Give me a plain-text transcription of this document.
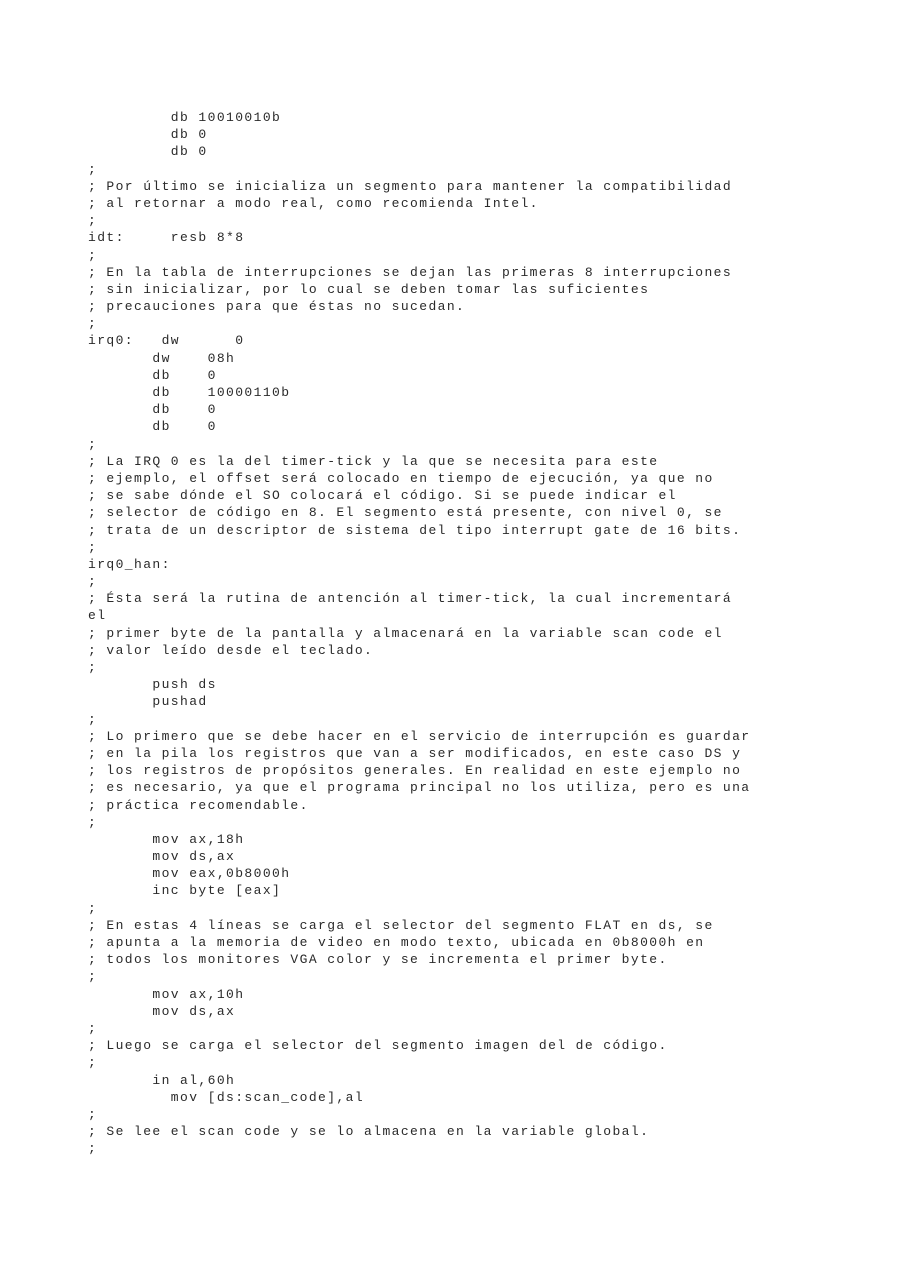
db 10010010b
db 0
db 0
;
; Por último se inicializa un segmento para mantener la compatibilidad
; al retornar a modo real, como recomienda Intel.
;
idt:     resb 8*8
;
; En la tabla de interrupciones se dejan las primeras 8 interrupciones
; sin inicializar, por lo cual se deben tomar las suficientes
; precauciones para que éstas no sucedan.
;
irq0:   dw      0
dw    08h
db    0
db    10000110b
db    0
db    0
;
; La IRQ 0 es la del timer-tick y la que se necesita para este
; ejemplo, el offset será colocado en tiempo de ejecución, ya que no
; se sabe dónde el SO colocará el código. Si se puede indicar el
; selector de código en 8. El segmento está presente, con nivel 0, se
; trata de un descriptor de sistema del tipo interrupt gate de 16 bits.
;
irq0_han:
;
; Ésta será la rutina de antención al timer-tick, la cual incrementará
el
; primer byte de la pantalla y almacenará en la variable scan code el
; valor leído desde el teclado.
;
push ds
pushad
;
; Lo primero que se debe hacer en el servicio de interrupción es guardar
; en la pila los registros que van a ser modificados, en este caso DS y
; los registros de propósitos generales. En realidad en este ejemplo no
; es necesario, ya que el programa principal no los utiliza, pero es una
; práctica recomendable.
;
mov ax,18h
mov ds,ax
mov eax,0b8000h
inc byte [eax]
;
; En estas 4 líneas se carga el selector del segmento FLAT en ds, se
; apunta a la memoria de video en modo texto, ubicada en 0b8000h en
; todos los monitores VGA color y se incrementa el primer byte.
;
mov ax,10h
mov ds,ax
;
; Luego se carga el selector del segmento imagen del de código.
;
in al,60h
mov [ds:scan_code],al
;
; Se lee el scan code y se lo almacena en la variable global.
;
